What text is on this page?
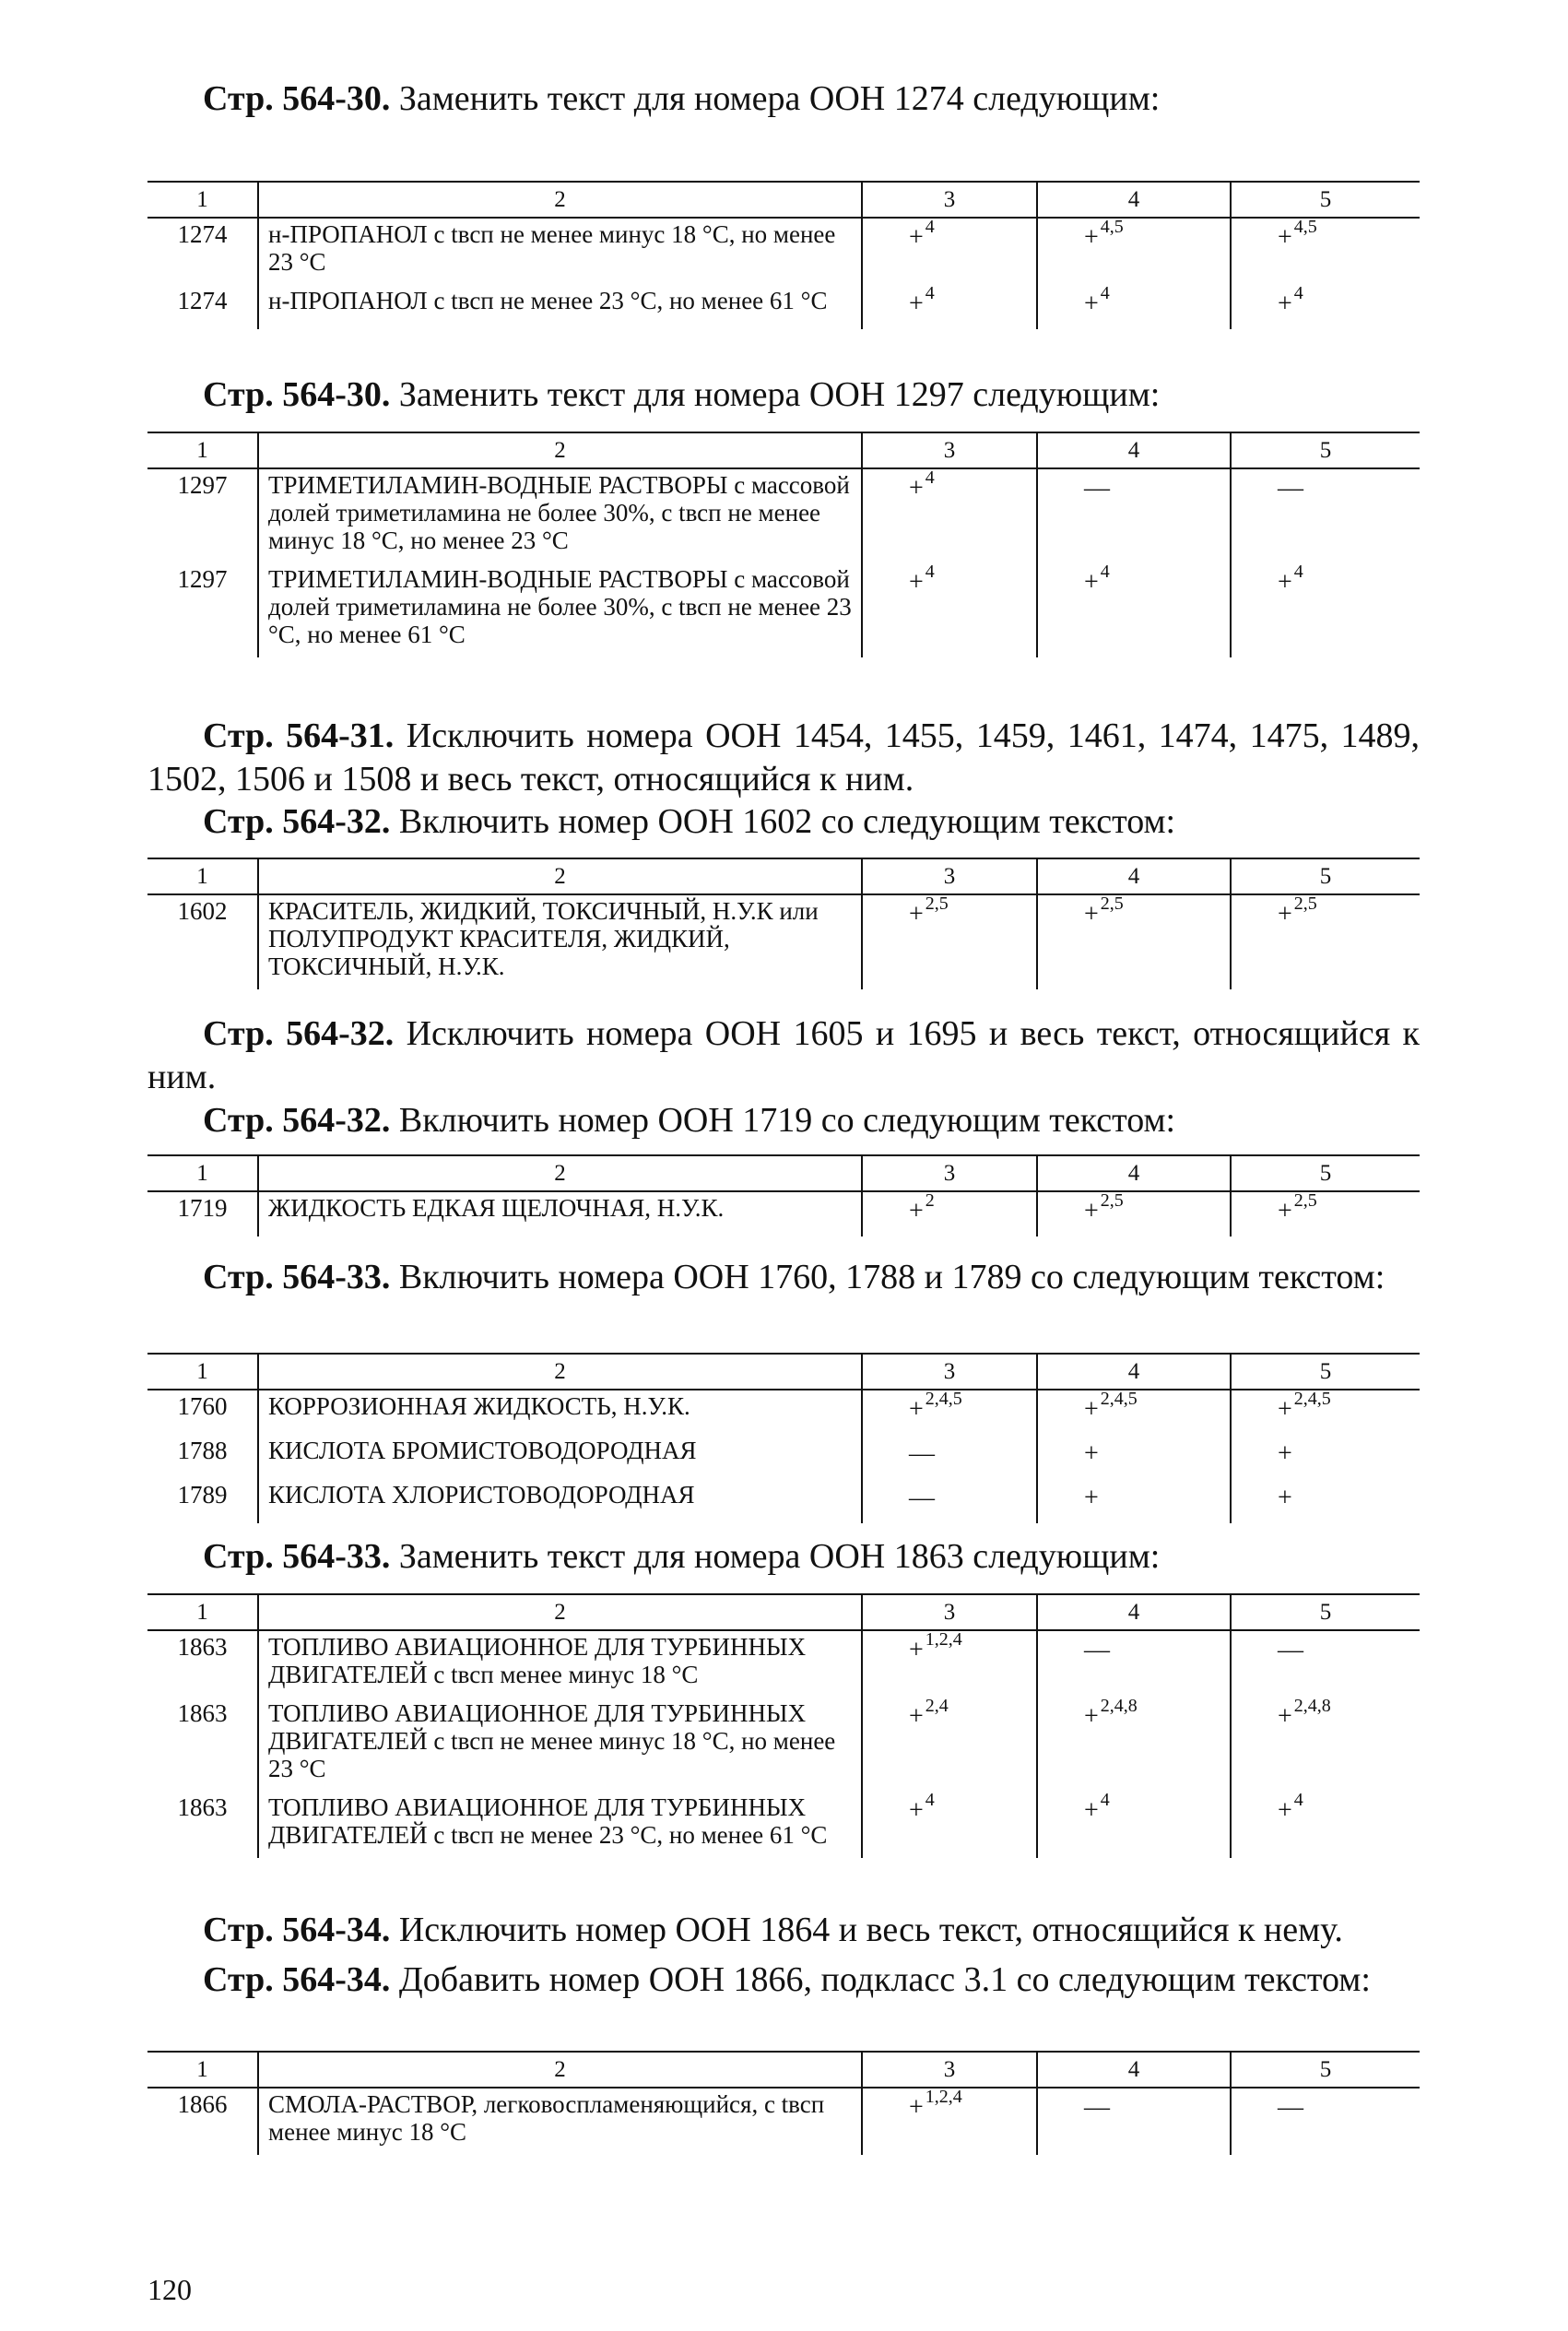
Стр. 564-30. Заменить текст для номера ООН 1274 следующим:
1	2	3	4	5
1274	н-ПРОПАНОЛ с tвсп не менее минус 18 °С, но менее 23 °С	+ $^4$	+ $^{4,5}$	+ $^{4,5}$
1274	н-ПРОПАНОЛ с tвсп не менее 23 °С, но менее 61 °С	+ $^4$	+ $^4$	+ $^4$
Стр. 564-30. Заменить текст для номера ООН 1297 следующим:
1	2	3	4	5
1297	ТРИМЕТИЛАМИН-ВОДНЫЕ РАСТВОРЫ с массовой долей триметиламина не более 30%, с tвсп не менее минус 18 °С, но менее 23 °С	+ $^4$	—	—
1297	ТРИМЕТИЛАМИН-ВОДНЫЕ РАСТВОРЫ с массовой долей триметиламина не более 30%, с tвсп не менее 23 °С, но менее 61 °С	+ $^4$	+ $^4$	+ $^4$
Стр. 564-31. Исключить номера ООН 1454, 1455, 1459, 1461, 1474, 1475, 1489, 1502, 1506 и 1508 и весь текст, относящийся к ним.
Стр. 564-32. Включить номер ООН 1602 со следующим текстом:
1	2	3	4	5
1602	КРАСИТЕЛЬ, ЖИДКИЙ, ТОКСИЧНЫЙ, Н.У.К или ПОЛУПРОДУКТ КРАСИТЕЛЯ, ЖИДКИЙ, ТОКСИЧНЫЙ, Н.У.К.	+ $^{2,5}$	+ $^{2,5}$	+ $^{2,5}$
Стр. 564-32. Исключить номера ООН 1605 и 1695 и весь текст, относящийся к ним.
Стр. 564-32. Включить номер ООН 1719 со следующим текстом:
1	2	3	4	5
1719	ЖИДКОСТЬ ЕДКАЯ ЩЕЛОЧНАЯ, Н.У.К.	+ $^2$	+ $^{2,5}$	+ $^{2,5}$
Стр. 564-33. Включить номера ООН 1760, 1788 и 1789 со следующим текстом:
1	2	3	4	5
1760	КОРРОЗИОННАЯ ЖИДКОСТЬ, Н.У.К.	+ $^{2,4,5}$	+ $^{2,4,5}$	+ $^{2,4,5}$
1788	КИСЛОТА БРОМИСТОВОДОРОДНАЯ	—	+	+
1789	КИСЛОТА ХЛОРИСТОВОДОРОДНАЯ	—	+	+
Стр. 564-33. Заменить текст для номера ООН 1863 следующим:
1	2	3	4	5
1863	ТОПЛИВО АВИАЦИОННОЕ ДЛЯ ТУРБИННЫХ ДВИГАТЕЛЕЙ с tвсп менее минус 18 °С	+ $^{1,2,4}$	—	—
1863	ТОПЛИВО АВИАЦИОННОЕ ДЛЯ ТУРБИННЫХ ДВИГАТЕЛЕЙ с tвсп не менее минус 18 °С, но менее 23 °С	+ $^{2,4}$	+ $^{2,4,8}$	+ $^{2,4,8}$
1863	ТОПЛИВО АВИАЦИОННОЕ ДЛЯ ТУРБИННЫХ ДВИГАТЕЛЕЙ с tвсп не менее 23 °С, но менее 61 °С	+ $^4$	+ $^4$	+ $^4$
Стр. 564-34. Исключить номер ООН 1864 и весь текст, относящийся к нему.
Стр. 564-34. Добавить номер ООН 1866, подкласс 3.1 со следующим текстом:
1	2	3	4	5
1866	СМОЛА-РАСТВОР, легковоспламеняющийся, с tвсп менее минус 18 °С	+ $^{1,2,4}$	—	—
120
